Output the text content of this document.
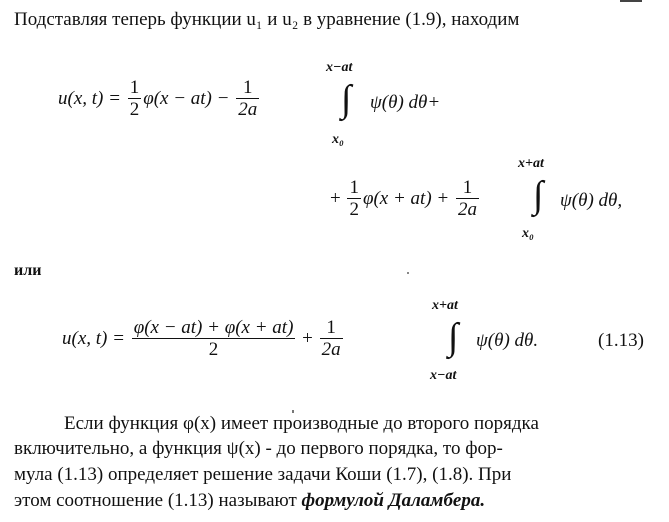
Подставляя теперь функции u₁ и u₂ в уравнение (1.9), находим
u(x, $t) = \frac{1}{2} \varphi(x - at) - \frac{1}{2a}$ ∫
x−at
x₀
ψ(θ) dθ+
+ $\frac{1}{2} \varphi(x + at) + \frac{1}{2a}$ ∫
x+at
x₀
ψ(θ) dθ,
или
u(x, $t) = \frac{\varphi(x - at) + \varphi(x + at)}{2} + \frac{1}{2a}$	∫
x+at
x−at
ψ(θ) dθ.	(1.13)
Если функция φ(x) имеет производные до второго порядка
включительно, а функция ψ(x) - до первого порядка, то фор-
мула (1.13) определяет решение задачи Коши (1.7), (1.8). При
этом соотношение (1.13) называют формулой Даламбера.
